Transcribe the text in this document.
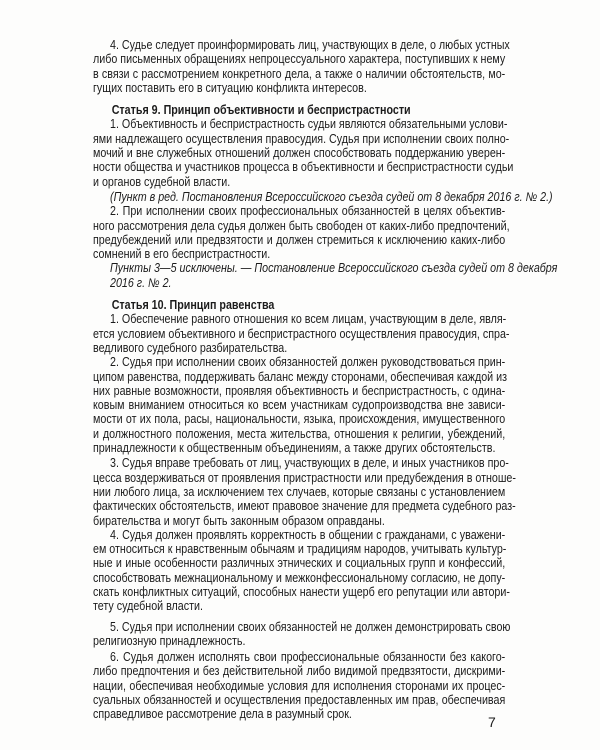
4. Судье следует проинформировать лиц, участвующих в деле, о любых устных
либо письменных обращениях непроцессуального характера, поступивших к нему
в связи с рассмотрением конкретного дела, а также о наличии обстоятельств, мо-
гущих поставить его в ситуацию конфликта интересов.
Статья 9. Принцип объективности и беспристрастности
1. Объективность и беспристрастность судьи являются обязательными услови-
ями надлежащего осуществления правосудия. Судья при исполнении своих полно-
мочий и вне служебных отношений должен способствовать поддержанию уверен-
ности общества и участников процесса в объективности и беспристрастности судьи
и органов судебной власти.
(Пункт в ред. Постановления Всероссийского съезда судей от 8 декабря 2016 г. № 2.)
2. При исполнении своих профессиональных обязанностей в целях объектив-
ного рассмотрения дела судья должен быть свободен от каких-либо предпочтений,
предубеждений или предвзятости и должен стремиться к исключению каких-либо
сомнений в его беспристрастности.
Пункты 3—5 исключены. — Постановление Всероссийского съезда судей от 8 декабря
2016 г. № 2.
Статья 10. Принцип равенства
1. Обеспечение равного отношения ко всем лицам, участвующим в деле, явля-
ется условием объективного и беспристрастного осуществления правосудия, спра-
ведливого судебного разбирательства.
2. Судья при исполнении своих обязанностей должен руководствоваться прин-
ципом равенства, поддерживать баланс между сторонами, обеспечивая каждой из
них равные возможности, проявляя объективность и беспристрастность, с одина-
ковым вниманием относиться ко всем участникам судопроизводства вне зависи-
мости от их пола, расы, национальности, языка, происхождения, имущественного
и должностного положения, места жительства, отношения к религии, убеждений,
принадлежности к общественным объединениям, а также других обстоятельств.
3. Судья вправе требовать от лиц, участвующих в деле, и иных участников про-
цесса воздерживаться от проявления пристрастности или предубеждения в отноше-
нии любого лица, за исключением тех случаев, которые связаны с установлением
фактических обстоятельств, имеют правовое значение для предмета судебного раз-
бирательства и могут быть законным образом оправданы.
4. Судья должен проявлять корректность в общении с гражданами, с уважени-
ем относиться к нравственным обычаям и традициям народов, учитывать культур-
ные и иные особенности различных этнических и социальных групп и конфессий,
способствовать межнациональному и межконфессиональному согласию, не допу-
скать конфликтных ситуаций, способных нанести ущерб его репутации или автори-
тету судебной власти.
5. Судья при исполнении своих обязанностей не должен демонстрировать свою
религиозную принадлежность.
6. Судья должен исполнять свои профессиональные обязанности без какого-
либо предпочтения и без действительной либо видимой предвзятости, дискрими-
нации, обеспечивая необходимые условия для исполнения сторонами их процес-
суальных обязанностей и осуществления предоставленных им прав, обеспечивая
справедливое рассмотрение дела в разумный срок.	7
